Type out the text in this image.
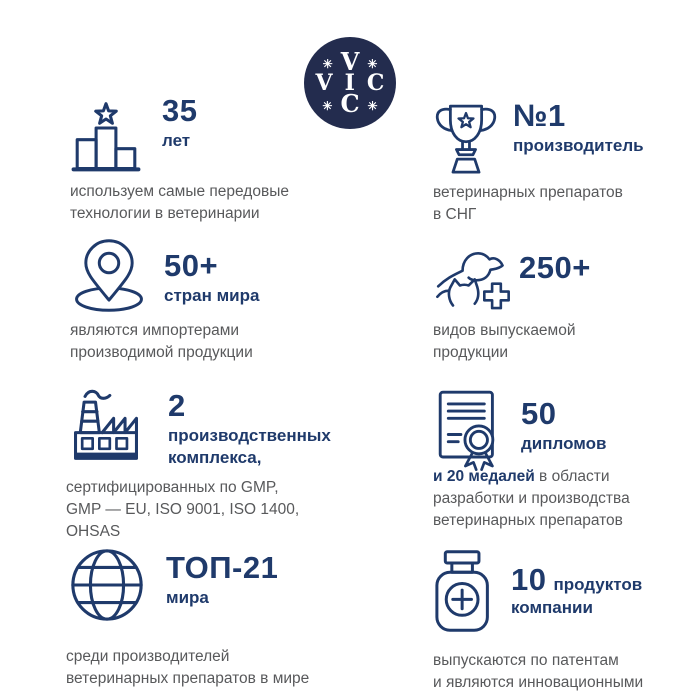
✳ V ✳
V I C
✳ C ✳
35
лет

используем самые передовые
технологии в ветеринарии

№1
производитель

ветеринарных препаратов
в СНГ

50+
стран мира

являются импортерами
производимой продукции

250+

видов выпускаемой
продукции

2
производственных
комплекса,

сертифицированных по GMP,
GMP — EU, ISO 9001, ISO 1400,
OHSAS

50
дипломов

и 20 медалей в области
разработки и производства
ветеринарных препаратов

ТОП-21
мира

среди производителей
ветеринарных препаратов в мире

10 продуктов
компании

выпускаются по патентам
и являются инновационными
